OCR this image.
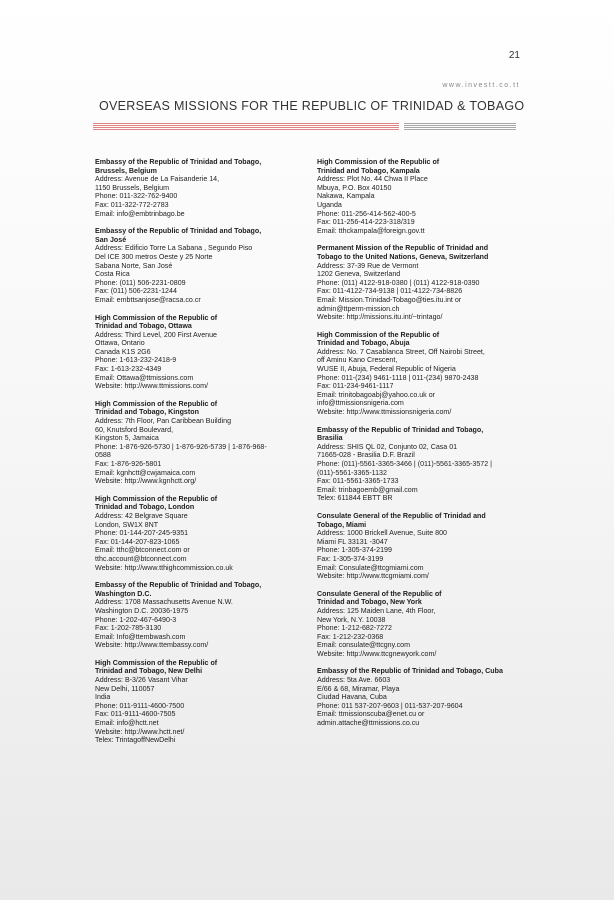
21
www.investt.co.tt
OVERSEAS MISSIONS FOR THE REPUBLIC OF TRINIDAD & TOBAGO
Embassy of the Republic of Trinidad and Tobago,
Brussels, Belgium
Address: Avenue de La Faisanderie 14,
1150 Brussels, Belgium
Phone: 011-322-762-9400
Fax: 011-322-772-2783
Email: info@embtrinbago.be
Embassy of the Republic of Trinidad and Tobago,
San José
Address: Edificio Torre La Sabana , Segundo Piso
Del ICE 300 metros Oeste y 25 Norte
Sabana Norte, San José
Costa Rica
Phone: (011) 506-2231-0809
Fax: (011) 506-2231-1244
Email: embttsanjose@racsa.co.cr
High Commission of the Republic of
Trinidad and Tobago, Ottawa
Address: Third Level, 200 First Avenue
Ottawa, Ontario
Canada K1S 2G6
Phone: 1-613-232-2418-9
Fax: 1-613-232-4349
Email: Ottawa@ttmissions.com
Website: http://www.ttmissions.com/
High Commission of the Republic of
Trinidad and Tobago, Kingston
Address: 7th Floor, Pan Caribbean Building
60, Knutsford Boulevard,
Kingston 5, Jamaica
Phone: 1-876-926-5730 | 1-876-926-5739 | 1-876-968-
0588
Fax: 1-876-926-5801
Email: kgnhctt@cwjamaica.com
Website: http://www.kgnhctt.org/
High Commission of the Republic of
Trinidad and Tobago, London
Address: 42 Belgrave Square
London, SW1X 8NT
Phone: 01-144-207-245-9351
Fax: 01-144-207-823-1065
Email: tthc@btconnect.com or
tthc.account@btconnect.com
Website: http://www.tthighcommission.co.uk
Embassy of the Republic of Trinidad and Tobago,
Washington D.C.
Address: 1708 Massachusetts Avenue N.W.
Washington D.C. 20036-1975
Phone: 1-202-467-6490-3
Fax: 1-202-785-3130
Email: Info@ttembwash.com
Website: http://www.ttembassy.com/
High Commission of the Republic of
Trinidad and Tobago, New Delhi
Address: B-3/26 Vasant Vihar
New Delhi, 110057
India
Phone: 011-9111-4600-7500
Fax: 011-9111-4600-7505
Email: info@hctt.net
Website: http://www.hctt.net/
Telex: TrintagoffNewDelhi
High Commission of the Republic of
Trinidad and Tobago, Kampala
Address: Plot No. 44 Chwa II Place
Mbuya, P.O. Box 40150
Nakawa, Kampala
Uganda
Phone: 011-256-414-562-400-5
Fax: 011-256-414-223-318/319
Email: tthckampala@foreign.gov.tt
Permanent Mission of the Republic of Trinidad and
Tobago to the United Nations, Geneva, Switzerland
Address: 37-39 Rue de Vermont
1202 Geneva, Switzerland
Phone: (011) 4122-918-0380 | (011) 4122-918-0390
Fax: 011-4122-734-9138 | 011-4122-734-8826
Email: Mission.Trinidad-Tobago@ties.itu.int or
admin@ttperm-mission.ch
Website: http://missions.itu.int/~trintago/
High Commission of the Republic of
Trinidad and Tobago, Abuja
Address: No. 7 Casablanca Street, Off Nairobi Street,
off Aminu Kano Crescent,
WUSE II, Abuja, Federal Republic of Nigeria
Phone: 011-(234) 9461-1118 | 011-(234) 9870-2438
Fax: 011-234-9461-1117
Email: trinitobagoabj@yahoo.co.uk or
info@ttmissionsnigeria.com
Website: http://www.ttmissionsnigeria.com/
Embassy of the Republic of Trinidad and Tobago,
Brasilia
Address: SHIS QL 02, Conjunto 02, Casa 01
71665-028 - Brasilia D.F. Brazil
Phone: (011)-5561-3365-3466 | (011)-5561-3365-3572 |
(011)-5561-3365-1132
Fax: 011-5561-3365-1733
Email: trinbagoemb@gmail.com
Telex: 611844 EBTT BR
Consulate General of the Republic of Trinidad and
Tobago, Miami
Address: 1000 Brickell Avenue, Suite 800
Miami FL 33131 -3047
Phone: 1-305-374-2199
Fax: 1-305-374-3199
Email: Consulate@ttcgmiami.com
Website: http://www.ttcgmiami.com/
Consulate General of the Republic of
Trinidad and Tobago, New York
Address: 125 Maiden Lane, 4th Floor,
New York, N.Y. 10038
Phone: 1-212-682-7272
Fax: 1-212-232-0368
Email: consulate@ttcgny.com
Website: http://www.ttcgnewyork.com/
Embassy of the Republic of Trinidad and Tobago, Cuba
Address: 5ta Ave. 6603
E/66 & 68, Miramar, Playa
Ciudad Havana, Cuba
Phone: 011 537-207-9603 | 011-537-207-9604
Email: ttmissionscuba@enet.cu or
admin.attache@ttmissions.co.cu
